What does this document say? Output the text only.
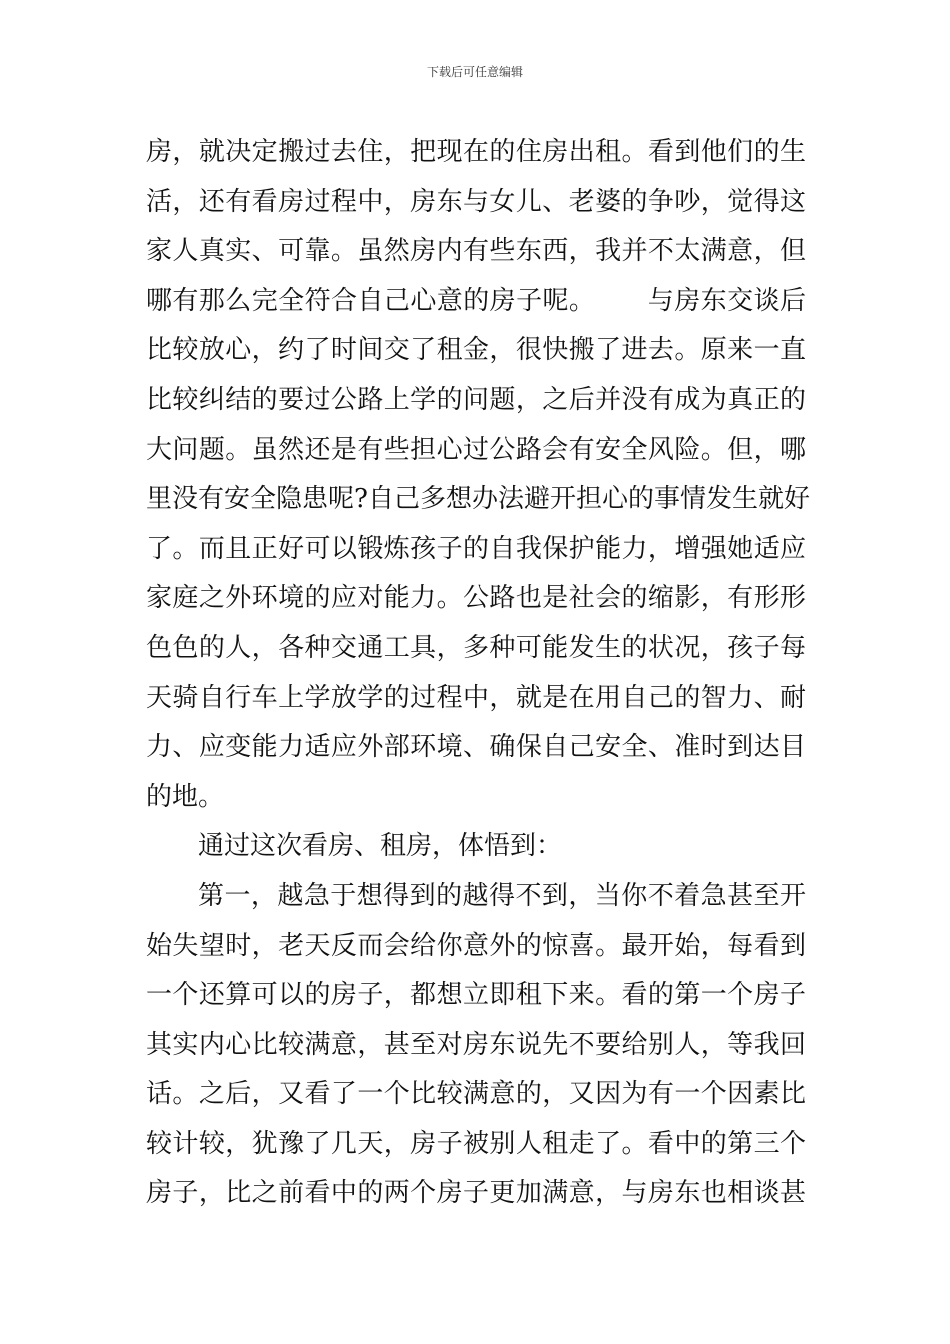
下载后可任意编辑
房，就决定搬过去住，把现在的住房出租。看到他们的生
活，还有看房过程中，房东与女儿、老婆的争吵，觉得这
家人真实、可靠。虽然房内有些东西，我并不太满意，但
哪有那么完全符合自己心意的房子呢。 与房东交谈后
比较放心，约了时间交了租金，很快搬了进去。原来一直
比较纠结的要过公路上学的问题，之后并没有成为真正的
大问题。虽然还是有些担心过公路会有安全风险。但，哪
里没有安全隐患呢?自己多想办法避开担心的事情发生就好
了。而且正好可以锻炼孩子的自我保护能力，增强她适应
家庭之外环境的应对能力。公路也是社会的缩影，有形形
色色的人，各种交通工具，多种可能发生的状况，孩子每
天骑自行车上学放学的过程中，就是在用自己的智力、耐
力、应变能力适应外部环境、确保自己安全、准时到达目
的地。
通过这次看房、租房，体悟到：
第一，越急于想得到的越得不到，当你不着急甚至开
始失望时，老天反而会给你意外的惊喜。最开始，每看到
一个还算可以的房子，都想立即租下来。看的第一个房子
其实内心比较满意，甚至对房东说先不要给别人，等我回
话。之后，又看了一个比较满意的，又因为有一个因素比
较计较，犹豫了几天，房子被别人租走了。看中的第三个
房子，比之前看中的两个房子更加满意，与房东也相谈甚
